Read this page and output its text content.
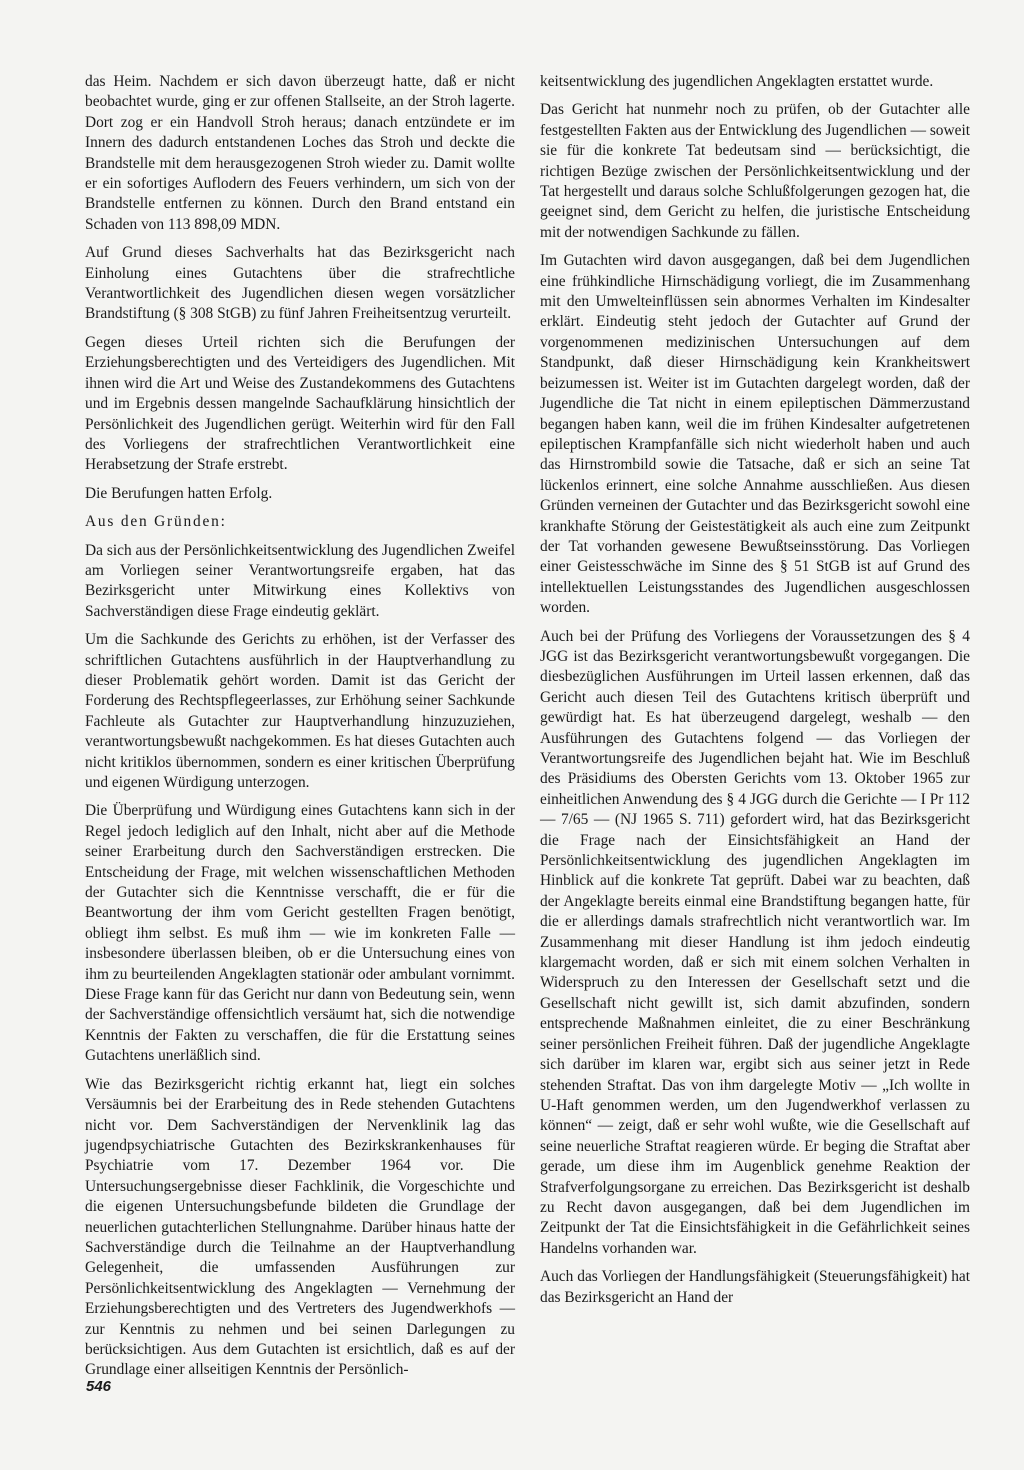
das Heim. Nachdem er sich davon überzeugt hatte, daß er nicht beobachtet wurde, ging er zur offenen Stallseite, an der Stroh lagerte. Dort zog er ein Handvoll Stroh heraus; danach entzündete er im Innern des dadurch entstandenen Loches das Stroh und deckte die Brandstelle mit dem herausgezogenen Stroh wieder zu. Damit wollte er ein sofortiges Auflodern des Feuers verhindern, um sich von der Brandstelle entfernen zu können. Durch den Brand entstand ein Schaden von 113 898,09 MDN.

Auf Grund dieses Sachverhalts hat das Bezirksgericht nach Einholung eines Gutachtens über die strafrechtliche Verantwortlichkeit des Jugendlichen diesen wegen vorsätzlicher Brandstiftung (§ 308 StGB) zu fünf Jahren Freiheitsentzug verurteilt.

Gegen dieses Urteil richten sich die Berufungen der Erziehungsberechtigten und des Verteidigers des Jugendlichen. Mit ihnen wird die Art und Weise des Zustandekommens des Gutachtens und im Ergebnis dessen mangelnde Sachaufklärung hinsichtlich der Persönlichkeit des Jugendlichen gerügt. Weiterhin wird für den Fall des Vorliegens der strafrechtlichen Verantwortlichkeit eine Herabsetzung der Strafe erstrebt.

Die Berufungen hatten Erfolg.

Aus den Gründen:

Da sich aus der Persönlichkeitsentwicklung des Jugendlichen Zweifel am Vorliegen seiner Verantwortungsreife ergaben, hat das Bezirksgericht unter Mitwirkung eines Kollektivs von Sachverständigen diese Frage eindeutig geklärt.

Um die Sachkunde des Gerichts zu erhöhen, ist der Verfasser des schriftlichen Gutachtens ausführlich in der Hauptverhandlung zu dieser Problematik gehört worden. Damit ist das Gericht der Forderung des Rechtspflegeerlasses, zur Erhöhung seiner Sachkunde Fachleute als Gutachter zur Hauptverhandlung hinzuzuziehen, verantwortungsbewußt nachgekommen. Es hat dieses Gutachten auch nicht kritiklos übernommen, sondern es einer kritischen Überprüfung und eigenen Würdigung unterzogen.

Die Überprüfung und Würdigung eines Gutachtens kann sich in der Regel jedoch lediglich auf den Inhalt, nicht aber auf die Methode seiner Erarbeitung durch den Sachverständigen erstrecken. Die Entscheidung der Frage, mit welchen wissenschaftlichen Methoden der Gutachter sich die Kenntnisse verschafft, die er für die Beantwortung der ihm vom Gericht gestellten Fragen benötigt, obliegt ihm selbst. Es muß ihm — wie im konkreten Falle — insbesondere überlassen bleiben, ob er die Untersuchung eines von ihm zu beurteilenden Angeklagten stationär oder ambulant vornimmt. Diese Frage kann für das Gericht nur dann von Bedeutung sein, wenn der Sachverständige offensichtlich versäumt hat, sich die notwendige Kenntnis der Fakten zu verschaffen, die für die Erstattung seines Gutachtens unerläßlich sind.

Wie das Bezirksgericht richtig erkannt hat, liegt ein solches Versäumnis bei der Erarbeitung des in Rede stehenden Gutachtens nicht vor. Dem Sachverständigen der Nervenklinik lag das jugendpsychiatrische Gutachten des Bezirkskrankenhauses für Psychiatrie vom 17. Dezember 1964 vor. Die Untersuchungsergebnisse dieser Fachklinik, die Vorgeschichte und die eigenen Untersuchungsbefunde bildeten die Grundlage der neuerlichen gutachterlichen Stellungnahme. Darüber hinaus hatte der Sachverständige durch die Teilnahme an der Hauptverhandlung Gelegenheit, die umfassenden Ausführungen zur Persönlichkeitsentwicklung des Angeklagten — Vernehmung der Erziehungsberechtigten und des Vertreters des Jugendwerkhofs — zur Kenntnis zu nehmen und bei seinen Darlegungen zu berücksichtigen. Aus dem Gutachten ist ersichtlich, daß es auf der Grundlage einer allseitigen Kenntnis der Persönlich-

keitsentwicklung des jugendlichen Angeklagten erstattet wurde.

Das Gericht hat nunmehr noch zu prüfen, ob der Gutachter alle festgestellten Fakten aus der Entwicklung des Jugendlichen — soweit sie für die konkrete Tat bedeutsam sind — berücksichtigt, die richtigen Bezüge zwischen der Persönlichkeitsentwicklung und der Tat hergestellt und daraus solche Schlußfolgerungen gezogen hat, die geeignet sind, dem Gericht zu helfen, die juristische Entscheidung mit der notwendigen Sachkunde zu fällen.

Im Gutachten wird davon ausgegangen, daß bei dem Jugendlichen eine frühkindliche Hirnschädigung vorliegt, die im Zusammenhang mit den Umwelteinflüssen sein abnormes Verhalten im Kindesalter erklärt. Eindeutig steht jedoch der Gutachter auf Grund der vorgenommenen medizinischen Untersuchungen auf dem Standpunkt, daß dieser Hirnschädigung kein Krankheitswert beizumessen ist. Weiter ist im Gutachten dargelegt worden, daß der Jugendliche die Tat nicht in einem epileptischen Dämmerzustand begangen haben kann, weil die im frühen Kindesalter aufgetretenen epileptischen Krampfanfälle sich nicht wiederholt haben und auch das Hirnstrombild sowie die Tatsache, daß er sich an seine Tat lückenlos erinnert, eine solche Annahme ausschließen. Aus diesen Gründen verneinen der Gutachter und das Bezirksgericht sowohl eine krankhafte Störung der Geistestätigkeit als auch eine zum Zeitpunkt der Tat vorhanden gewesene Bewußtseinsstörung. Das Vorliegen einer Geistesschwäche im Sinne des § 51 StGB ist auf Grund des intellektuellen Leistungsstandes des Jugendlichen ausgeschlossen worden.

Auch bei der Prüfung des Vorliegens der Voraussetzungen des § 4 JGG ist das Bezirksgericht verantwortungsbewußt vorgegangen. Die diesbezüglichen Ausführungen im Urteil lassen erkennen, daß das Gericht auch diesen Teil des Gutachtens kritisch überprüft und gewürdigt hat. Es hat überzeugend dargelegt, weshalb — den Ausführungen des Gutachtens folgend — das Vorliegen der Verantwortungsreife des Jugendlichen bejaht hat. Wie im Beschluß des Präsidiums des Obersten Gerichts vom 13. Oktober 1965 zur einheitlichen Anwendung des § 4 JGG durch die Gerichte — I Pr 112 — 7/65 — (NJ 1965 S. 711) gefordert wird, hat das Bezirksgericht die Frage nach der Einsichtsfähigkeit an Hand der Persönlichkeitsentwicklung des jugendlichen Angeklagten im Hinblick auf die konkrete Tat geprüft. Dabei war zu beachten, daß der Angeklagte bereits einmal eine Brandstiftung begangen hatte, für die er allerdings damals strafrechtlich nicht verantwortlich war. Im Zusammenhang mit dieser Handlung ist ihm jedoch eindeutig klargemacht worden, daß er sich mit einem solchen Verhalten in Widerspruch zu den Interessen der Gesellschaft setzt und die Gesellschaft nicht gewillt ist, sich damit abzufinden, sondern entsprechende Maßnahmen einleitet, die zu einer Beschränkung seiner persönlichen Freiheit führen. Daß der jugendliche Angeklagte sich darüber im klaren war, ergibt sich aus seiner jetzt in Rede stehenden Straftat. Das von ihm dargelegte Motiv — „Ich wollte in U-Haft genommen werden, um den Jugendwerkhof verlassen zu können“ — zeigt, daß er sehr wohl wußte, wie die Gesellschaft auf seine neuerliche Straftat reagieren würde. Er beging die Straftat aber gerade, um diese ihm im Augenblick genehme Reaktion der Strafverfolgungsorgane zu erreichen. Das Bezirksgericht ist deshalb zu Recht davon ausgegangen, daß bei dem Jugendlichen im Zeitpunkt der Tat die Einsichtsfähigkeit in die Gefährlichkeit seines Handelns vorhanden war.

Auch das Vorliegen der Handlungsfähigkeit (Steuerungsfähigkeit) hat das Bezirksgericht an Hand der

546
